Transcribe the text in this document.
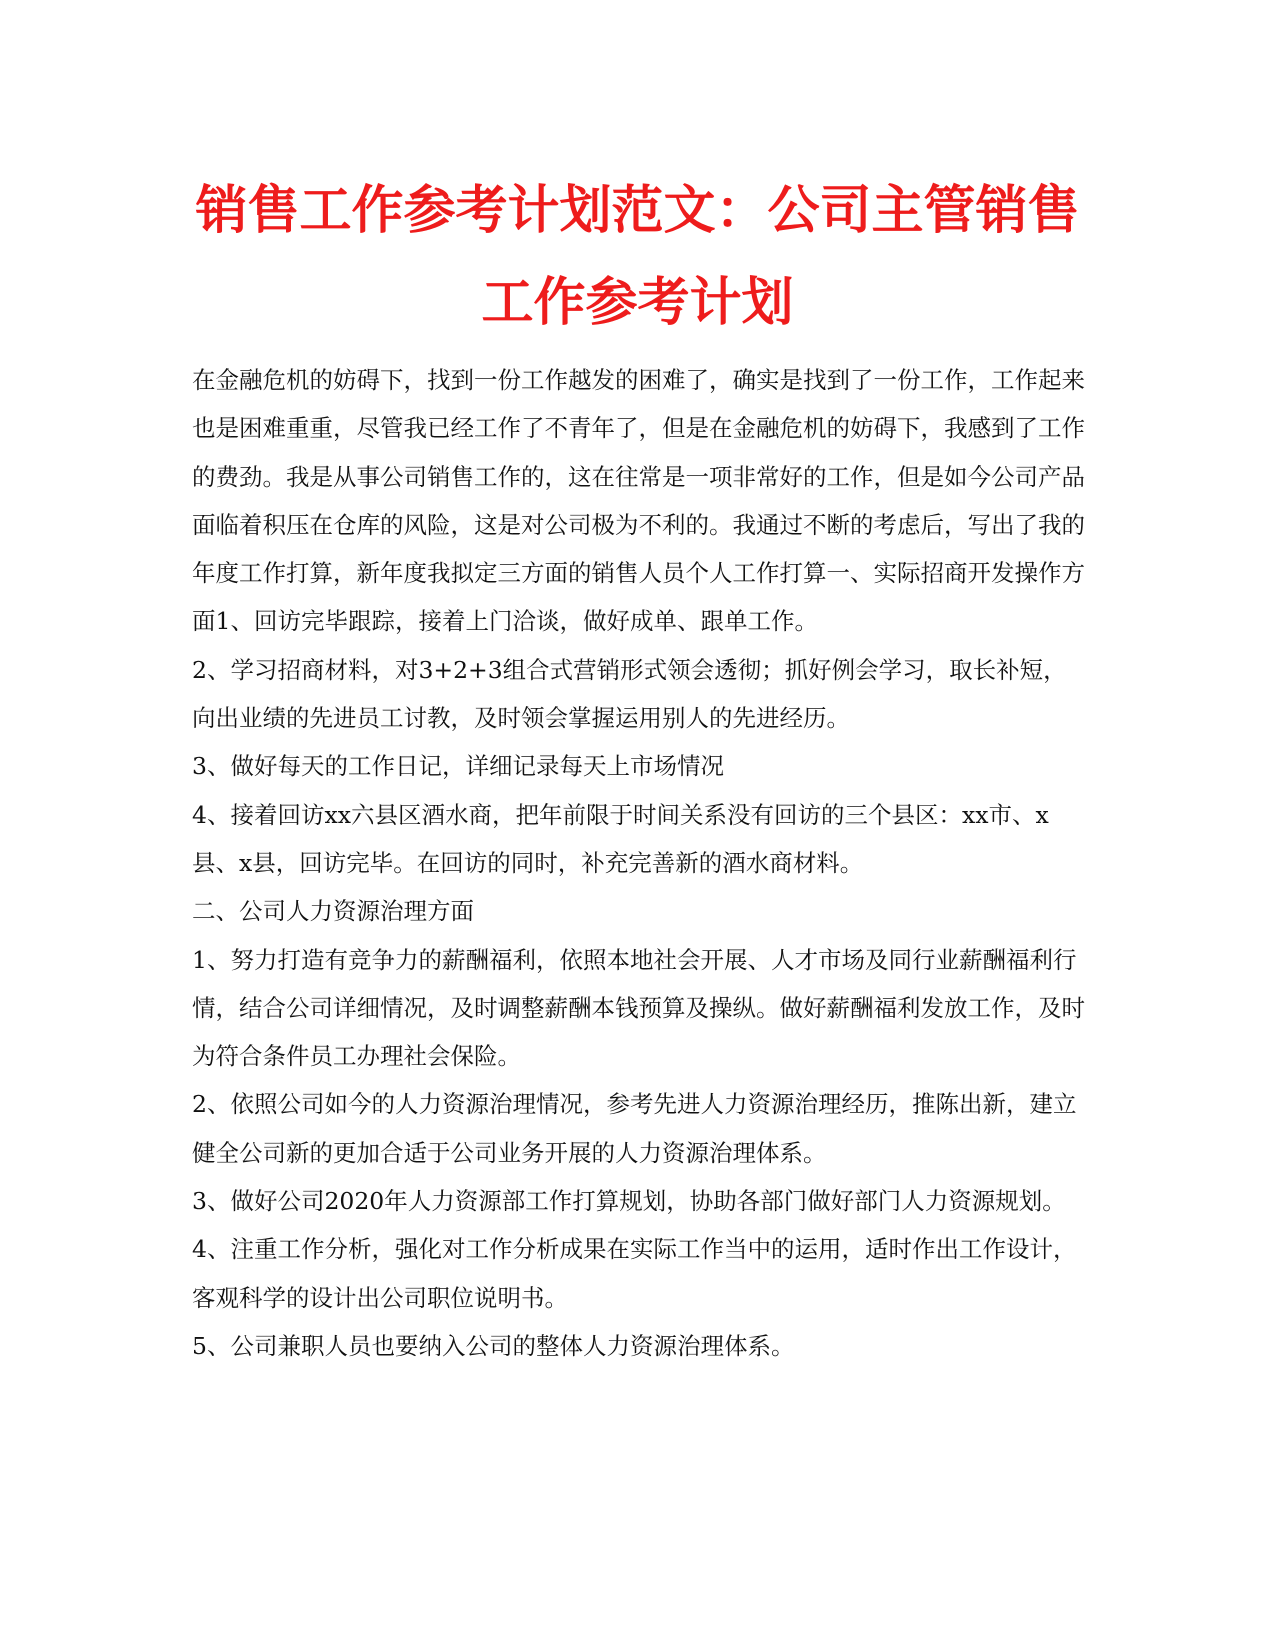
销售工作参考计划范文：公司主管销售工作参考计划

在金融危机的妨碍下，找到一份工作越发的困难了，确实是找到了一份工作，工作起来也是困难重重，尽管我已经工作了不青年了，但是在金融危机的妨碍下，我感到了工作的费劲。我是从事公司销售工作的，这在往常是一项非常好的工作，但是如今公司产品面临着积压在仓库的风险，这是对公司极为不利的。我通过不断的考虑后，写出了我的年度工作打算，新年度我拟定三方面的销售人员个人工作打算一、实际招商开发操作方面1、回访完毕跟踪，接着上门洽谈，做好成单、跟单工作。

2、学习招商材料，对3+2+3组合式营销形式领会透彻；抓好例会学习，取长补短，向出业绩的先进员工讨教，及时领会掌握运用别人的先进经历。

3、做好每天的工作日记，详细记录每天上市场情况

4、接着回访xx六县区酒水商，把年前限于时间关系没有回访的三个县区：xx市、x县、x县，回访完毕。在回访的同时，补充完善新的酒水商材料。

二、公司人力资源治理方面

1、努力打造有竞争力的薪酬福利，依照本地社会开展、人才市场及同行业薪酬福利行情，结合公司详细情况，及时调整薪酬本钱预算及操纵。做好薪酬福利发放工作，及时为符合条件员工办理社会保险。

2、依照公司如今的人力资源治理情况，参考先进人力资源治理经历，推陈出新，建立健全公司新的更加合适于公司业务开展的人力资源治理体系。

3、做好公司2020年人力资源部工作打算规划，协助各部门做好部门人力资源规划。

4、注重工作分析，强化对工作分析成果在实际工作当中的运用，适时作出工作设计，客观科学的设计出公司职位说明书。

5、公司兼职人员也要纳入公司的整体人力资源治理体系。
